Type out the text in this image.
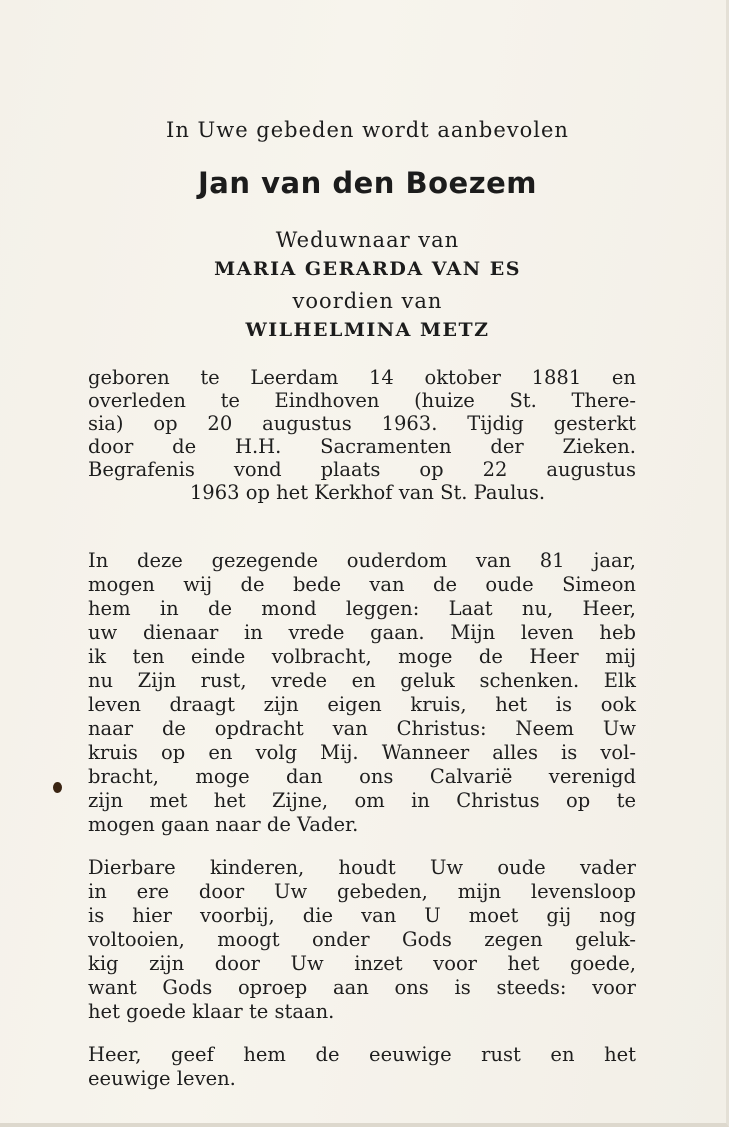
In Uwe gebeden wordt aanbevolen
Jan van den Boezem
Weduwnaar van
MARIA GERARDA VAN ES
voordien van
WILHELMINA METZ
geboren te Leerdam 14 oktober 1881 en
overleden te Eindhoven (huize St. There-
sia) op 20 augustus 1963. Tijdig gesterkt
door de H.H. Sacramenten der Zieken.
Begrafenis vond plaats op 22 augustus
1963 op het Kerkhof van St. Paulus.
In deze gezegende ouderdom van 81 jaar,
mogen wij de bede van de oude Simeon
hem in de mond leggen: Laat nu, Heer,
uw dienaar in vrede gaan. Mijn leven heb
ik ten einde volbracht, moge de Heer mij
nu Zijn rust, vrede en geluk schenken. Elk
leven draagt zijn eigen kruis, het is ook
naar de opdracht van Christus: Neem Uw
kruis op en volg Mij. Wanneer alles is vol-
bracht, moge dan ons Calvarië verenigd
zijn met het Zijne, om in Christus op te
mogen gaan naar de Vader.
Dierbare kinderen, houdt Uw oude vader
in ere door Uw gebeden, mijn levensloop
is hier voorbij, die van U moet gij nog
voltooien, moogt onder Gods zegen geluk-
kig zijn door Uw inzet voor het goede,
want Gods oproep aan ons is steeds: voor
het goede klaar te staan.
Heer, geef hem de eeuwige rust en het
eeuwige leven.
